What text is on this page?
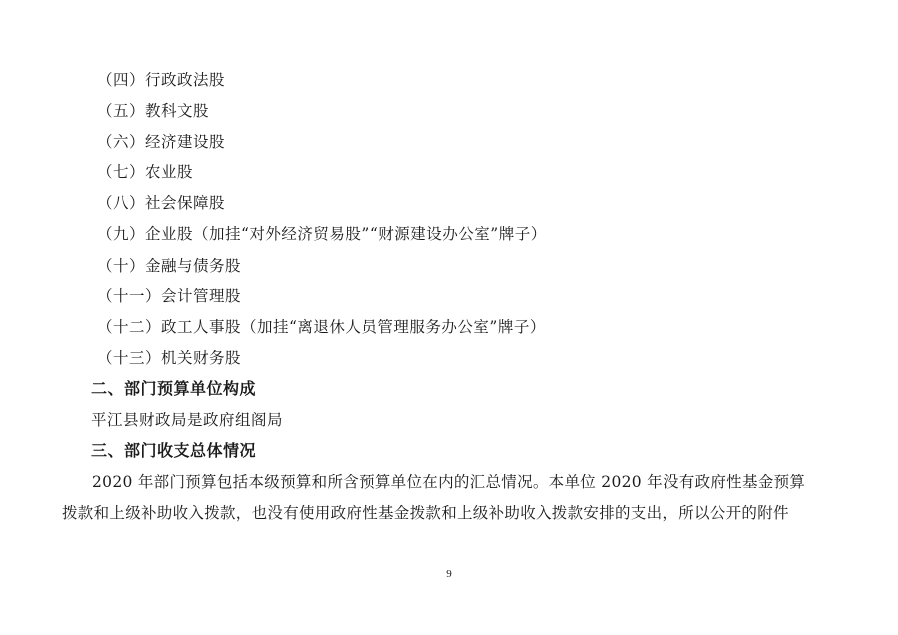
（四）行政政法股
（五）教科文股
（六）经济建设股
（七）农业股
（八）社会保障股
（九）企业股（加挂“对外经济贸易股”“财源建设办公室”牌子）
（十）金融与债务股
（十一）会计管理股
（十二）政工人事股（加挂“离退休人员管理服务办公室”牌子）
（十三）机关财务股
二、部门预算单位构成
平江县财政局是政府组阁局
三、部门收支总体情况
2020 年部门预算包括本级预算和所含预算单位在内的汇总情况。本单位 2020 年没有政府性基金预算
拨款和上级补助收入拨款，也没有使用政府性基金拨款和上级补助收入拨款安排的支出，所以公开的附件
9
